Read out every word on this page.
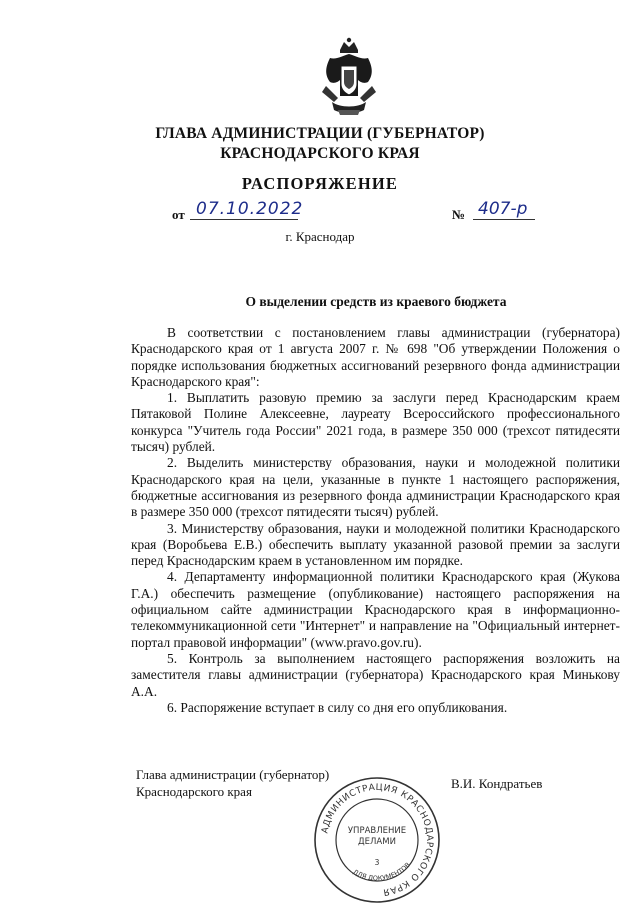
ГЛАВА АДМИНИСТРАЦИИ (ГУБЕРНАТОР)
КРАСНОДАРСКОГО КРАЯ
РАСПОРЯЖЕНИЕ
от 07.10.2022	№ 407-р
г. Краснодар
О выделении средств из краевого бюджета

В соответствии с постановлением главы администрации (губернатора) Краснодарского края от 1 августа 2007 г. № 698 "Об утверждении Положения о порядке использования бюджетных ассигнований резервного фонда администрации Краснодарского края":

1. Выплатить разовую премию за заслуги перед Краснодарским краем Пятаковой Полине Алексеевне, лауреату Всероссийского профессионального конкурса "Учитель года России" 2021 года, в размере 350 000 (трехсот пятидесяти тысяч) рублей.

2. Выделить министерству образования, науки и молодежной политики Краснодарского края на цели, указанные в пункте 1 настоящего распоряжения, бюджетные ассигнования из резервного фонда администрации Краснодарского края в размере 350 000 (трехсот пятидесяти тысяч) рублей.

3. Министерству образования, науки и молодежной политики Краснодарского края (Воробьева Е.В.) обеспечить выплату указанной разовой премии за заслуги перед Краснодарским краем в установленном им порядке.

4. Департаменту информационной политики Краснодарского края (Жукова Г.А.) обеспечить размещение (опубликование) настоящего распоряжения на официальном сайте администрации Краснодарского края в информационно-телекоммуникационной сети "Интернет" и направление на "Официальный интернет-портал правовой информации" (www.pravo.gov.ru).

5. Контроль за выполнением настоящего распоряжения возложить на заместителя главы администрации (губернатора) Краснодарского края Минькову А.А.

6. Распоряжение вступает в силу со дня его опубликования.

Глава администрации (губернатор)
Краснодарского края
АДМИНИСТРАЦИЯ КРАСНОДАРСКОГО КРАЯ
УПРАВЛЕНИЕ
ДЕЛАМИ
3
ДЛЯ ДОКУМЕНТОВ
В.И. Кондратьев
